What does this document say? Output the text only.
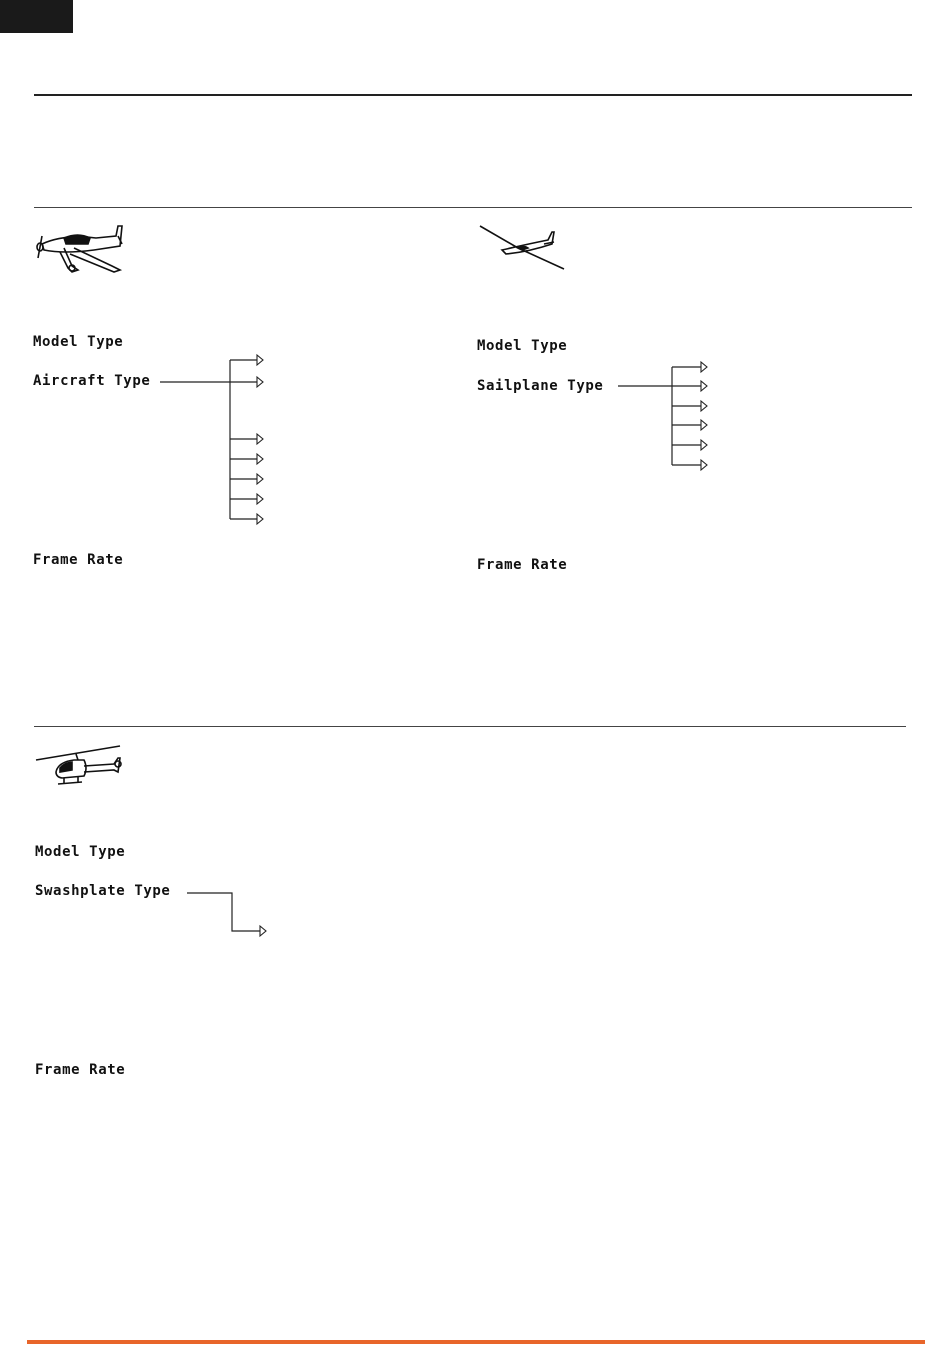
Model Type
Aircraft Type
Frame Rate
Model Type
Sailplane Type
Frame Rate
Model Type
Swashplate Type
Frame Rate
